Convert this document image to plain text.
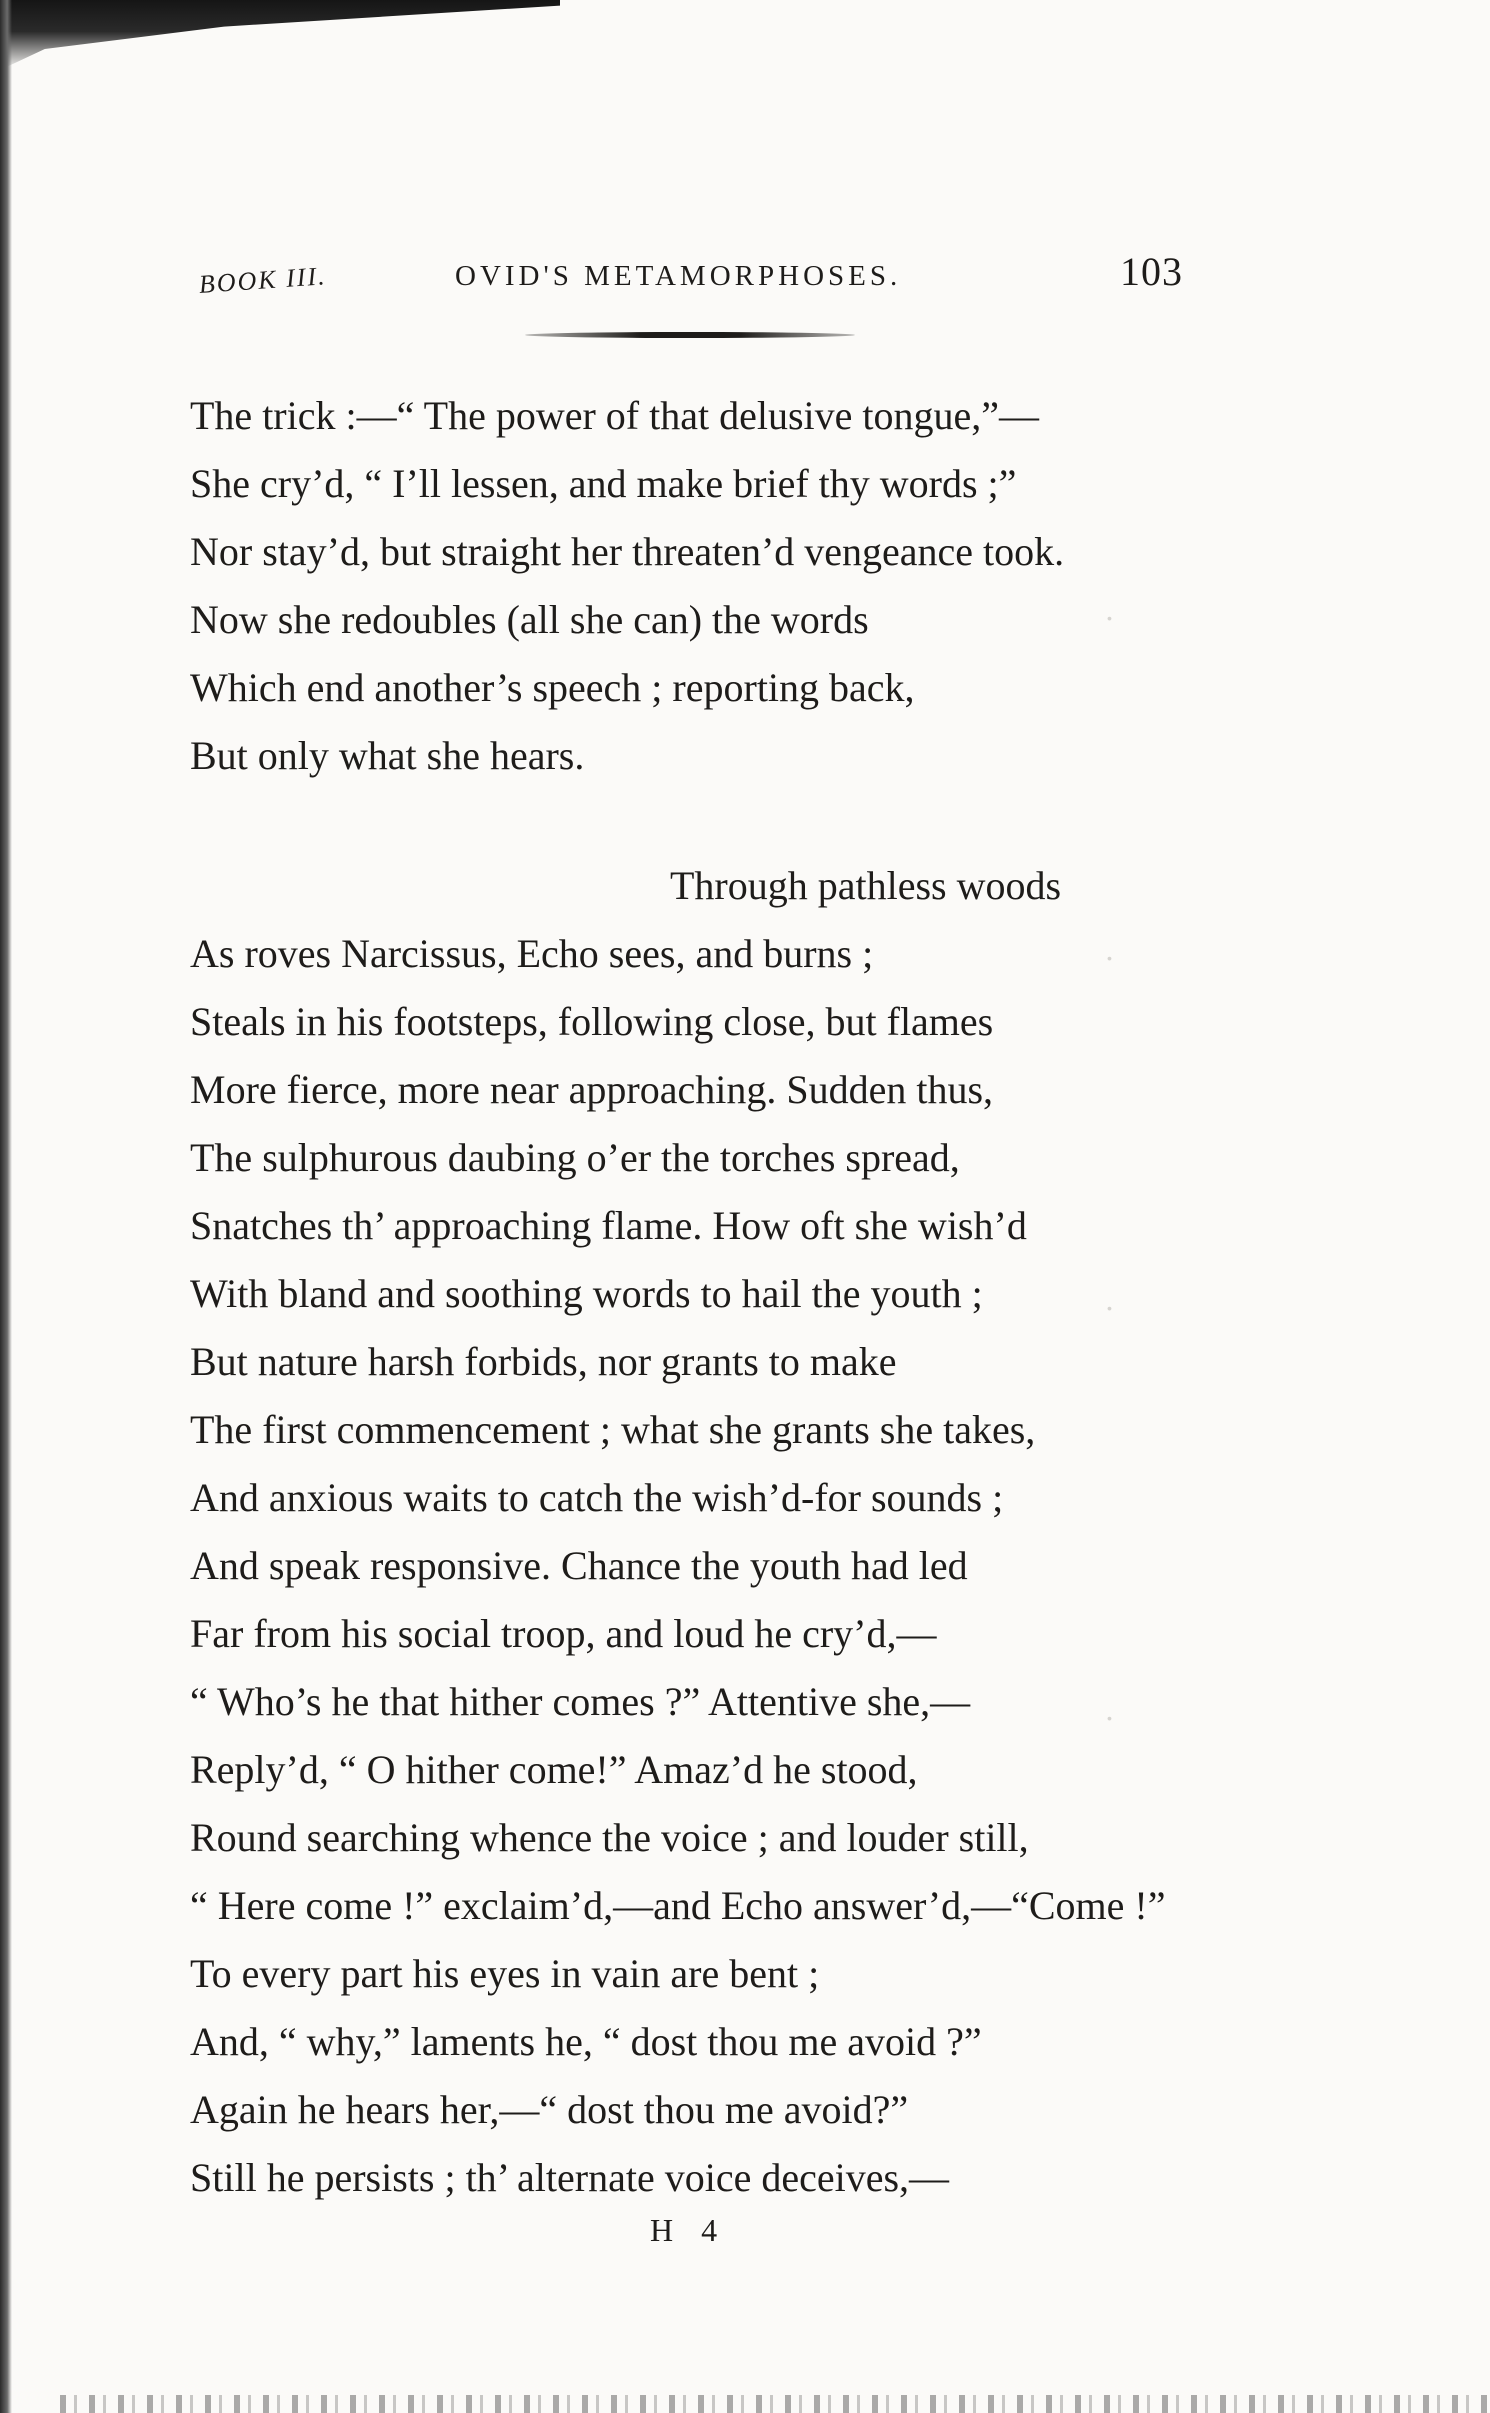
BOOK III.	OVID'S METAMORPHOSES.	103
The trick :—“ The power of that delusive tongue,”—
She cry’d, “ I’ll lessen, and make brief thy words ;”
Nor stay’d, but straight her threaten’d vengeance took.
Now she redoubles (all she can) the words
Which end another’s speech ; reporting back,
But only what she hears.
Through pathless woods
As roves Narcissus, Echo sees, and burns ;
Steals in his footsteps, following close, but flames
More fierce, more near approaching. Sudden thus,
The sulphurous daubing o’er the torches spread,
Snatches th’ approaching flame. How oft she wish’d
With bland and soothing words to hail the youth ;
But nature harsh forbids, nor grants to make
The first commencement ; what she grants she takes,
And anxious waits to catch the wish’d-for sounds ;
And speak responsive. Chance the youth had led
Far from his social troop, and loud he cry’d,—
“ Who’s he that hither comes ?” Attentive she,—
Reply’d, “ O hither come!” Amaz’d he stood,
Round searching whence the voice ; and louder still,
“ Here come !” exclaim’d,—and Echo answer’d,—“Come !”
To every part his eyes in vain are bent ;
And, “ why,” laments he, “ dost thou me avoid ?”
Again he hears her,—“ dost thou me avoid?”
Still he persists ; th’ alternate voice deceives,—
H 4
·
·
·
·
